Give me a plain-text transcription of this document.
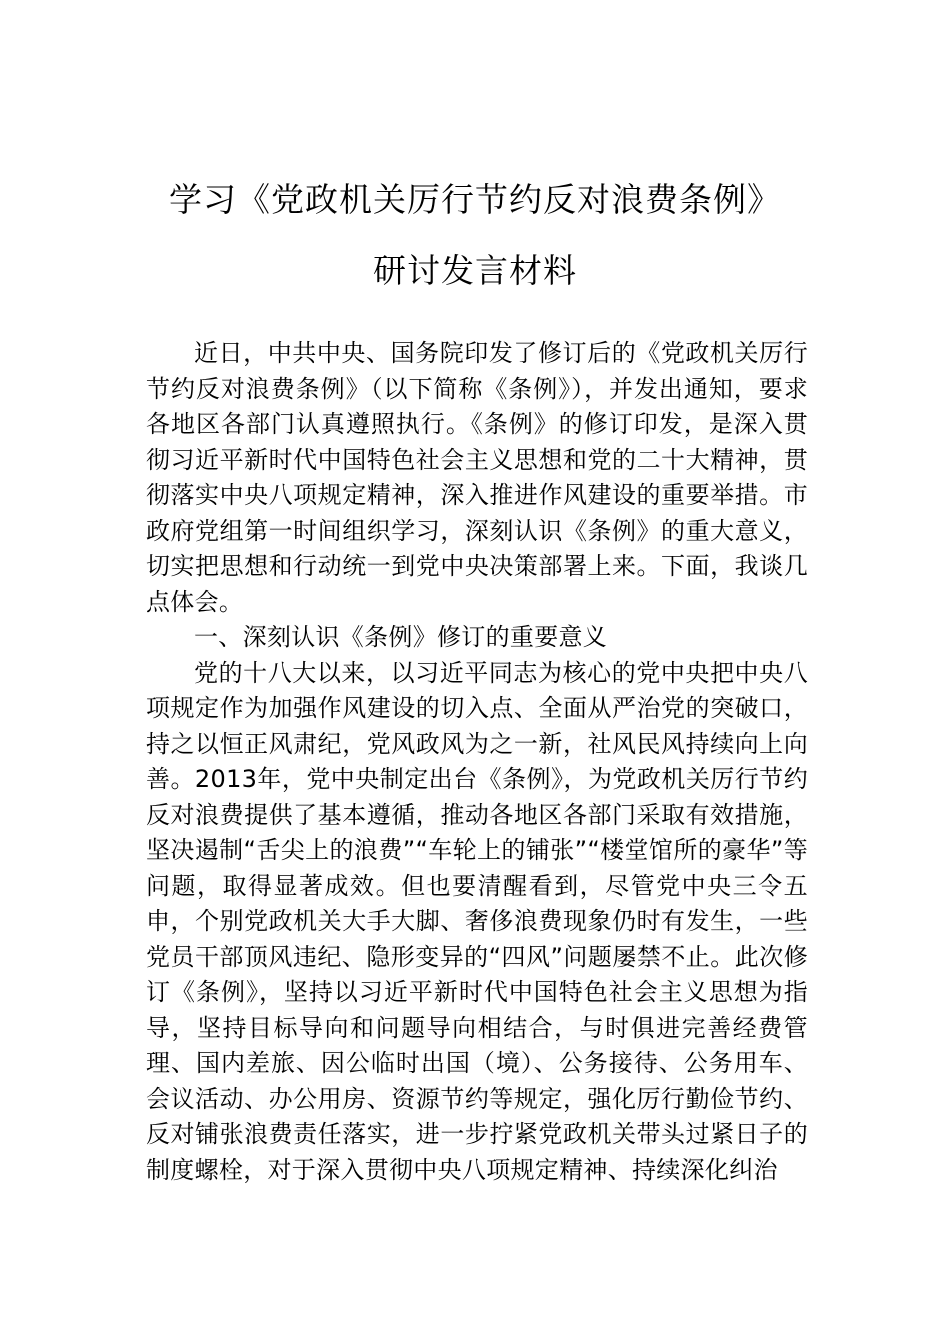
学习《党政机关厉行节约反对浪费条例》
研讨发言材料

近日，中共中央、国务院印发了修订后的《党政机关厉行节约反对浪费条例》（以下简称《条例》），并发出通知，要求各地区各部门认真遵照执行。《条例》的修订印发，是深入贯彻习近平新时代中国特色社会主义思想和党的二十大精神，贯彻落实中央八项规定精神，深入推进作风建设的重要举措。市政府党组第一时间组织学习，深刻认识《条例》的重大意义，切实把思想和行动统一到党中央决策部署上来。下面，我谈几点体会。

一、深刻认识《条例》修订的重要意义

党的十八大以来，以习近平同志为核心的党中央把中央八项规定作为加强作风建设的切入点、全面从严治党的突破口，持之以恒正风肃纪，党风政风为之一新，社风民风持续向上向善。2013年，党中央制定出台《条例》，为党政机关厉行节约反对浪费提供了基本遵循，推动各地区各部门采取有效措施，坚决遏制“舌尖上的浪费”“车轮上的铺张”“楼堂馆所的豪华”等问题，取得显著成效。但也要清醒看到，尽管党中央三令五申，个别党政机关大手大脚、奢侈浪费现象仍时有发生，一些党员干部顶风违纪、隐形变异的“四风”问题屡禁不止。此次修订《条例》，坚持以习近平新时代中国特色社会主义思想为指导，坚持目标导向和问题导向相结合，与时俱进完善经费管理、国内差旅、因公临时出国（境）、公务接待、公务用车、会议活动、办公用房、资源节约等规定，强化厉行勤俭节约、反对铺张浪费责任落实，进一步拧紧党政机关带头过紧日子的制度螺栓，对于深入贯彻中央八项规定精神、持续深化纠治
